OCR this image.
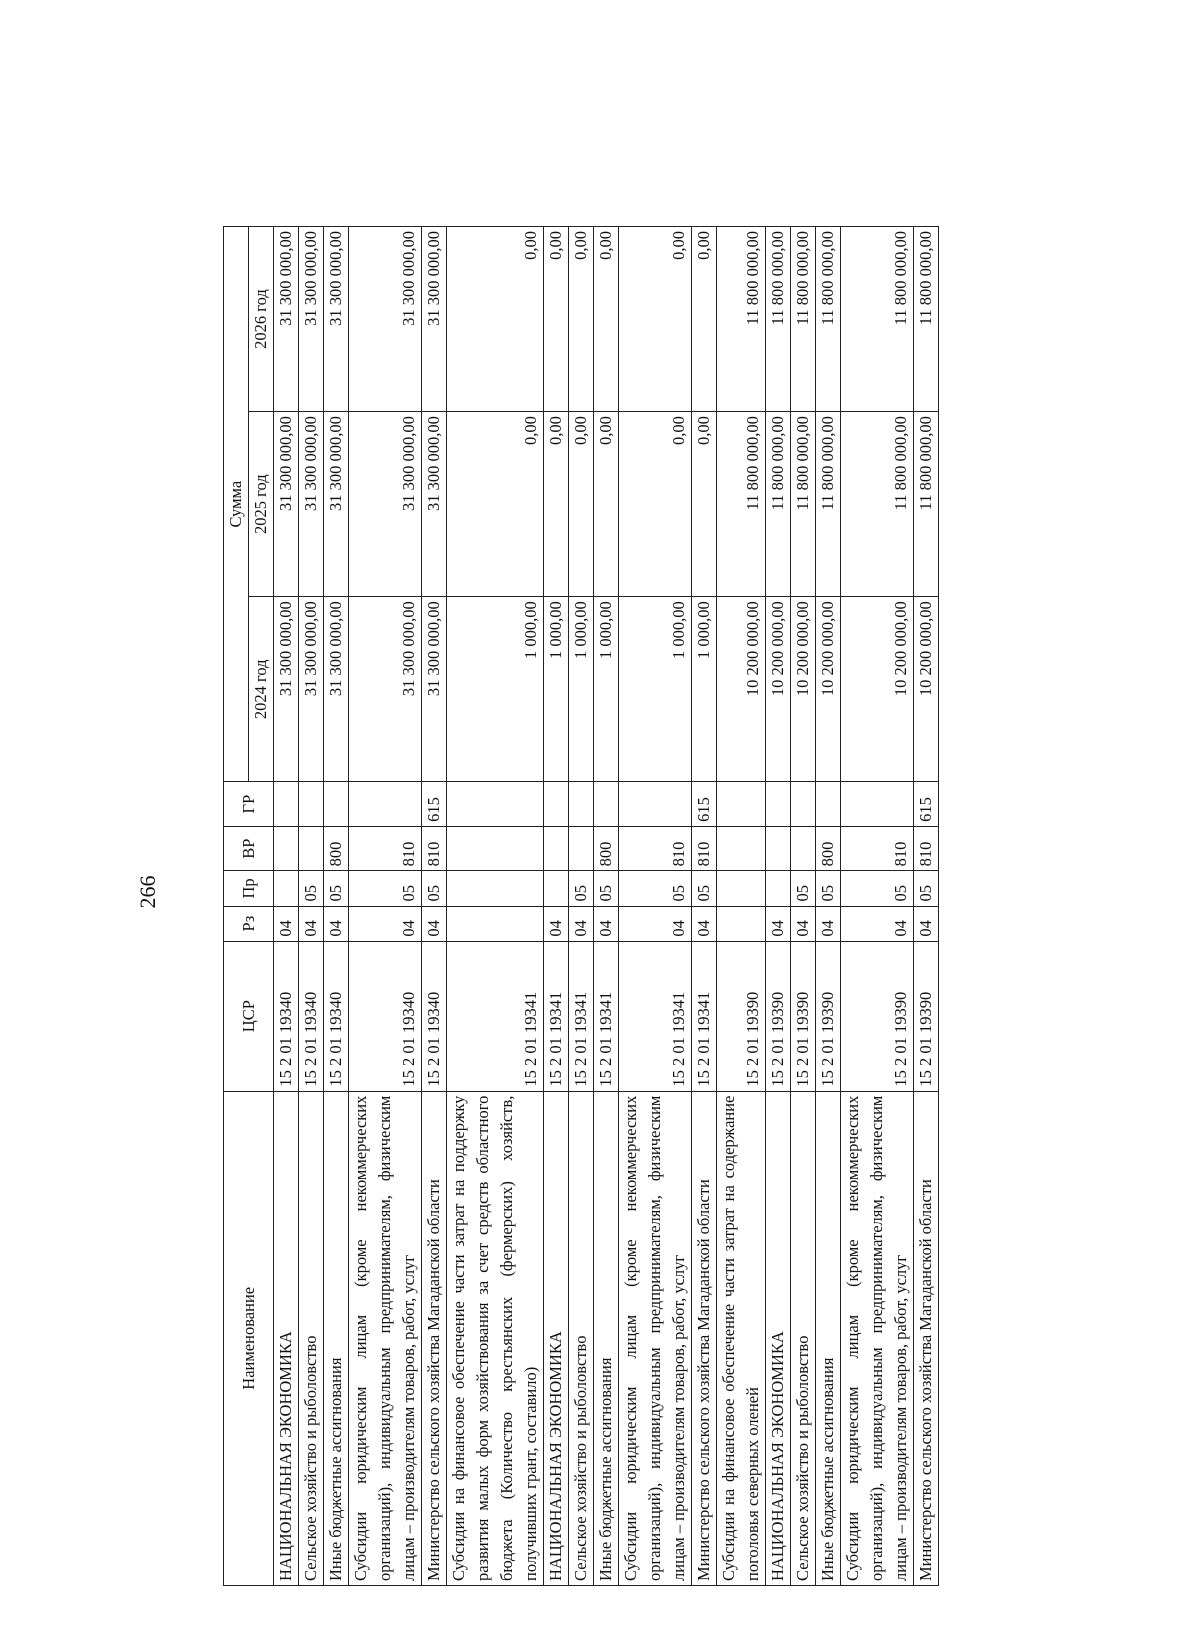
266
Наименование	ЦСР	Рз	Пр	ВР	ГР	Сумма		
						2024 год	2025 год	2026 год
НАЦИОНАЛЬНАЯ ЭКОНОМИКА	15 2 01 19340	04				31 300 000,00	31 300 000,00	31 300 000,00
Сельское хозяйство и рыболовство	15 2 01 19340	04	05			31 300 000,00	31 300 000,00	31 300 000,00
Иные бюджетные ассигнования	15 2 01 19340	04	05	800		31 300 000,00	31 300 000,00	31 300 000,00
Субсидии юридическим лицам (кроме некоммерческих организаций), индивидуальным предпринимателям, физическим лицам – производителям товаров, работ, услуг	15 2 01 19340	04	05	810		31 300 000,00	31 300 000,00	31 300 000,00
Министерство сельского хозяйства Магаданской области	15 2 01 19340	04	05	810	615	31 300 000,00	31 300 000,00	31 300 000,00
Субсидии на финансовое обеспечение части затрат на поддержку развития малых форм хозяйствования за счет средств областного бюджета (Количество крестьянских (фермерских) хозяйств, получивших грант, составило)	15 2 01 19341					1 000,00	0,00	0,00
НАЦИОНАЛЬНАЯ ЭКОНОМИКА	15 2 01 19341	04				1 000,00	0,00	0,00
Сельское хозяйство и рыболовство	15 2 01 19341	04	05			1 000,00	0,00	0,00
Иные бюджетные ассигнования	15 2 01 19341	04	05	800		1 000,00	0,00	0,00
Субсидии юридическим лицам (кроме некоммерческих организаций), индивидуальным предпринимателям, физическим лицам – производителям товаров, работ, услуг	15 2 01 19341	04	05	810		1 000,00	0,00	0,00
Министерство сельского хозяйства Магаданской области	15 2 01 19341	04	05	810	615	1 000,00	0,00	0,00
Субсидии на финансовое обеспечение части затрат на содержание поголовья северных оленей	15 2 01 19390					10 200 000,00	11 800 000,00	11 800 000,00
НАЦИОНАЛЬНАЯ ЭКОНОМИКА	15 2 01 19390	04				10 200 000,00	11 800 000,00	11 800 000,00
Сельское хозяйство и рыболовство	15 2 01 19390	04	05			10 200 000,00	11 800 000,00	11 800 000,00
Иные бюджетные ассигнования	15 2 01 19390	04	05	800		10 200 000,00	11 800 000,00	11 800 000,00
Субсидии юридическим лицам (кроме некоммерческих организаций), индивидуальным предпринимателям, физическим лицам – производителям товаров, работ, услуг	15 2 01 19390	04	05	810		10 200 000,00	11 800 000,00	11 800 000,00
Министерство сельского хозяйства Магаданской области	15 2 01 19390	04	05	810	615	10 200 000,00	11 800 000,00	11 800 000,00
